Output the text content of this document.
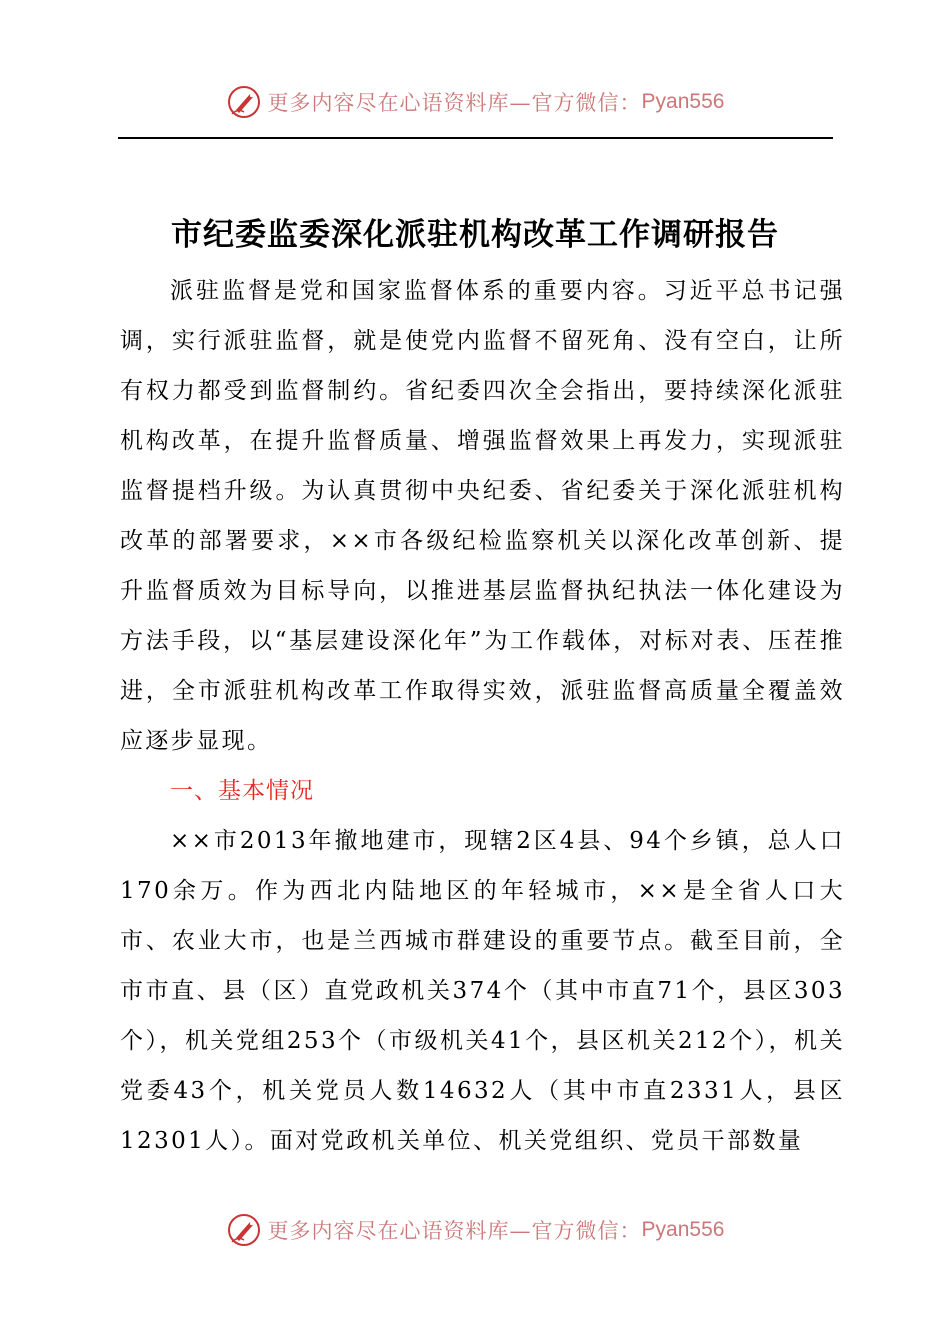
更多内容尽在心语资料库—官方微信： Pyan556
市纪委监委深化派驻机构改革工作调研报告

派驻监督是党和国家监督体系的重要内容。习近平总书记强调，实行派驻监督，就是使党内监督不留死角、没有空白，让所有权力都受到监督制约。省纪委四次全会指出，要持续深化派驻机构改革，在提升监督质量、增强监督效果上再发力，实现派驻监督提档升级。为认真贯彻中央纪委、省纪委关于深化派驻机构改革的部署要求，××市各级纪检监察机关以深化改革创新、提升监督质效为目标导向，以推进基层监督执纪执法一体化建设为方法手段，以“基层建设深化年”为工作载体，对标对表、压茬推进，全市派驻机构改革工作取得实效，派驻监督高质量全覆盖效应逐步显现。

一、基本情况

××市2013年撤地建市，现辖2区4县、94个乡镇，总人口170余万。作为西北内陆地区的年轻城市，××是全省人口大市、农业大市，也是兰西城市群建设的重要节点。截至目前，全市市直、县（区）直党政机关374个（其中市直71个，县区303个），机关党组253个（市级机关41个，县区机关212个），机关党委43个，机关党员人数14632人（其中市直2331人，县区12301人）。面对党政机关单位、机关党组织、党员干部数量

更多内容尽在心语资料库—官方微信： Pyan556
